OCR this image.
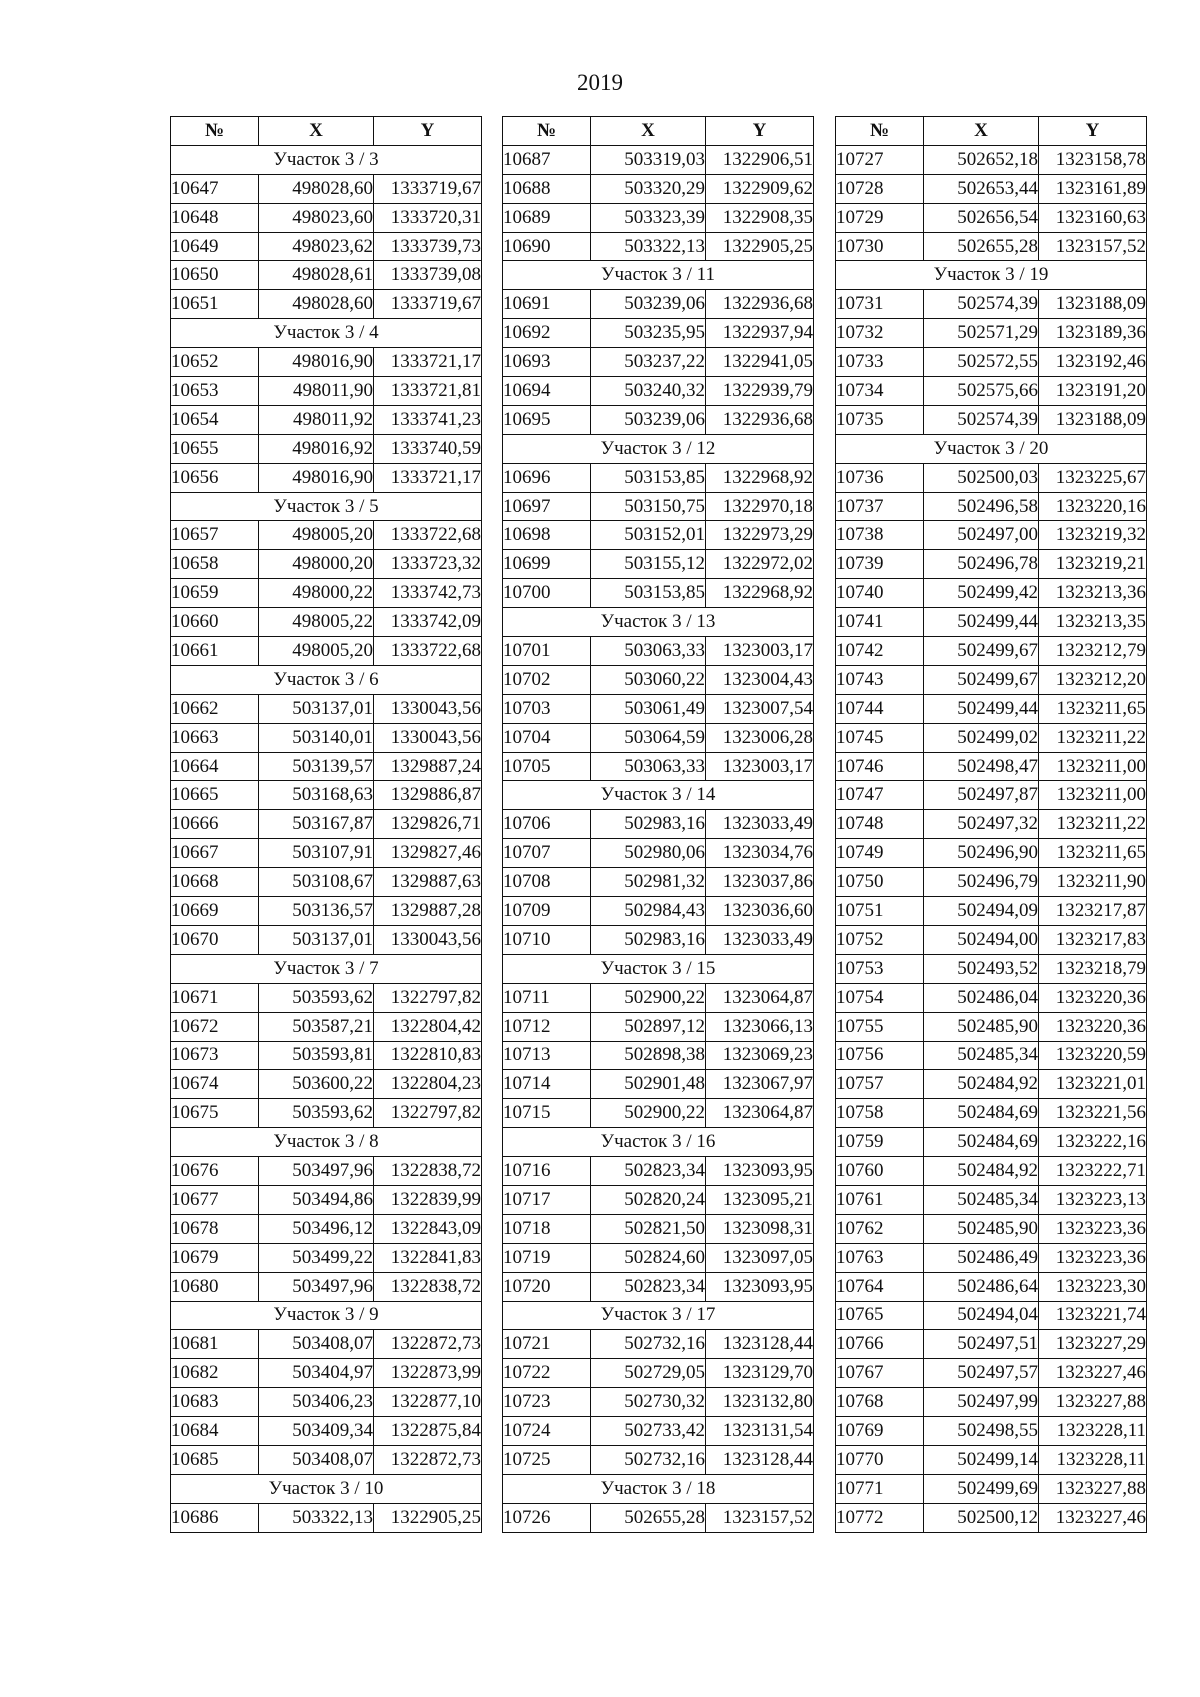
2019
№	X	Y
Участок 3 / 3		
10647	498028,60	1333719,67
10648	498023,60	1333720,31
10649	498023,62	1333739,73
10650	498028,61	1333739,08
10651	498028,60	1333719,67
Участок 3 / 4		
10652	498016,90	1333721,17
10653	498011,90	1333721,81
10654	498011,92	1333741,23
10655	498016,92	1333740,59
10656	498016,90	1333721,17
Участок 3 / 5		
10657	498005,20	1333722,68
10658	498000,20	1333723,32
10659	498000,22	1333742,73
10660	498005,22	1333742,09
10661	498005,20	1333722,68
Участок 3 / 6		
10662	503137,01	1330043,56
10663	503140,01	1330043,56
10664	503139,57	1329887,24
10665	503168,63	1329886,87
10666	503167,87	1329826,71
10667	503107,91	1329827,46
10668	503108,67	1329887,63
10669	503136,57	1329887,28
10670	503137,01	1330043,56
Участок 3 / 7		
10671	503593,62	1322797,82
10672	503587,21	1322804,42
10673	503593,81	1322810,83
10674	503600,22	1322804,23
10675	503593,62	1322797,82
Участок 3 / 8		
10676	503497,96	1322838,72
10677	503494,86	1322839,99
10678	503496,12	1322843,09
10679	503499,22	1322841,83
10680	503497,96	1322838,72
Участок 3 / 9		
10681	503408,07	1322872,73
10682	503404,97	1322873,99
10683	503406,23	1322877,10
10684	503409,34	1322875,84
10685	503408,07	1322872,73
Участок 3 / 10		
10686	503322,13	1322905,25
№	X	Y
10687	503319,03	1322906,51
10688	503320,29	1322909,62
10689	503323,39	1322908,35
10690	503322,13	1322905,25
Участок 3 / 11		
10691	503239,06	1322936,68
10692	503235,95	1322937,94
10693	503237,22	1322941,05
10694	503240,32	1322939,79
10695	503239,06	1322936,68
Участок 3 / 12		
10696	503153,85	1322968,92
10697	503150,75	1322970,18
10698	503152,01	1322973,29
10699	503155,12	1322972,02
10700	503153,85	1322968,92
Участок 3 / 13		
10701	503063,33	1323003,17
10702	503060,22	1323004,43
10703	503061,49	1323007,54
10704	503064,59	1323006,28
10705	503063,33	1323003,17
Участок 3 / 14		
10706	502983,16	1323033,49
10707	502980,06	1323034,76
10708	502981,32	1323037,86
10709	502984,43	1323036,60
10710	502983,16	1323033,49
Участок 3 / 15		
10711	502900,22	1323064,87
10712	502897,12	1323066,13
10713	502898,38	1323069,23
10714	502901,48	1323067,97
10715	502900,22	1323064,87
Участок 3 / 16		
10716	502823,34	1323093,95
10717	502820,24	1323095,21
10718	502821,50	1323098,31
10719	502824,60	1323097,05
10720	502823,34	1323093,95
Участок 3 / 17		
10721	502732,16	1323128,44
10722	502729,05	1323129,70
10723	502730,32	1323132,80
10724	502733,42	1323131,54
10725	502732,16	1323128,44
Участок 3 / 18		
10726	502655,28	1323157,52
№	X	Y
10727	502652,18	1323158,78
10728	502653,44	1323161,89
10729	502656,54	1323160,63
10730	502655,28	1323157,52
Участок 3 / 19		
10731	502574,39	1323188,09
10732	502571,29	1323189,36
10733	502572,55	1323192,46
10734	502575,66	1323191,20
10735	502574,39	1323188,09
Участок 3 / 20		
10736	502500,03	1323225,67
10737	502496,58	1323220,16
10738	502497,00	1323219,32
10739	502496,78	1323219,21
10740	502499,42	1323213,36
10741	502499,44	1323213,35
10742	502499,67	1323212,79
10743	502499,67	1323212,20
10744	502499,44	1323211,65
10745	502499,02	1323211,22
10746	502498,47	1323211,00
10747	502497,87	1323211,00
10748	502497,32	1323211,22
10749	502496,90	1323211,65
10750	502496,79	1323211,90
10751	502494,09	1323217,87
10752	502494,00	1323217,83
10753	502493,52	1323218,79
10754	502486,04	1323220,36
10755	502485,90	1323220,36
10756	502485,34	1323220,59
10757	502484,92	1323221,01
10758	502484,69	1323221,56
10759	502484,69	1323222,16
10760	502484,92	1323222,71
10761	502485,34	1323223,13
10762	502485,90	1323223,36
10763	502486,49	1323223,36
10764	502486,64	1323223,30
10765	502494,04	1323221,74
10766	502497,51	1323227,29
10767	502497,57	1323227,46
10768	502497,99	1323227,88
10769	502498,55	1323228,11
10770	502499,14	1323228,11
10771	502499,69	1323227,88
10772	502500,12	1323227,46
